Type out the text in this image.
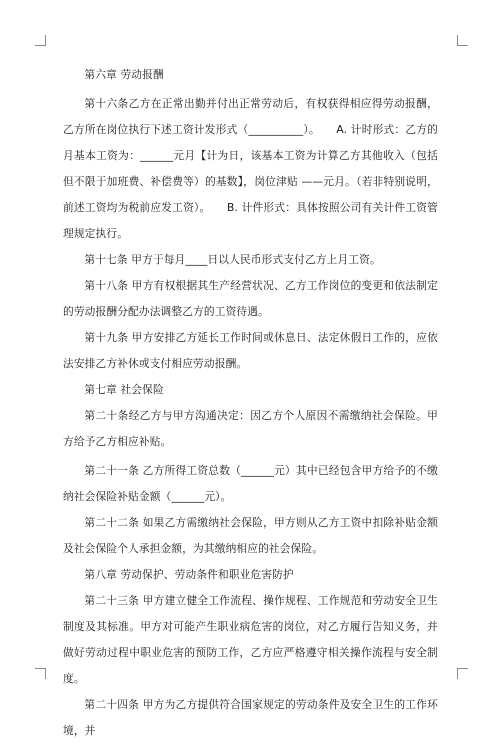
第六章 劳动报酬

第十六条乙方在正常出勤并付出正常劳动后，有权获得相应得劳动报酬，乙方所在岗位执行下述工资计发形式（__________）。　　A. 计时形式：乙方的月基本工资为：______元月【计为日，该基本工资为计算乙方其他收入（包括但不限于加班费、补偿费等）的基数】，岗位津贴 ——元月。（若非特别说明，前述工资均为税前应发工资）。　　B. 计件形式：具体按照公司有关计件工资管理规定执行。

第十七条 甲方于每月____日以人民币形式支付乙方上月工资。

第十八条 甲方有权根据其生产经营状况、乙方工作岗位的变更和依法制定的劳动报酬分配办法调整乙方的工资待遇。

第十九条 甲方安排乙方延长工作时间或休息日、法定休假日工作的，应依法安排乙方补休或支付相应劳动报酬。

第七章 社会保险

第二十条经乙方与甲方沟通决定：因乙方个人原因不需缴纳社会保险。甲方给予乙方相应补贴。

第二十一条 乙方所得工资总数（______元）其中已经包含甲方给予的不缴纳社会保险补贴金额（______元）。

第二十二条 如果乙方需缴纳社会保险，甲方则从乙方工资中扣除补贴金额及社会保险个人承担金额，为其缴纳相应的社会保险。

第八章 劳动保护、劳动条件和职业危害防护

第二十三条 甲方建立健全工作流程、操作规程、工作规范和劳动安全卫生制度及其标准。甲方对可能产生职业病危害的岗位，对乙方履行告知义务，并做好劳动过程中职业危害的预防工作，乙方应严格遵守相关操作流程与安全制度。

第二十四条 甲方为乙方提供符合国家规定的劳动条件及安全卫生的工作环境，并
